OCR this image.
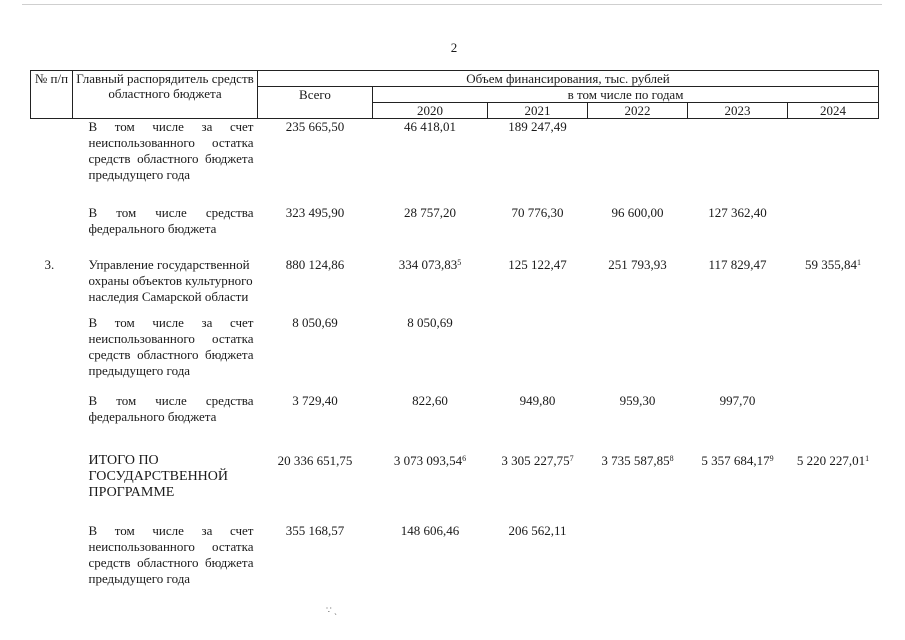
2
№ п/п	Главный распорядитель средств областного бюджета	Объем финансирования, тыс. рублей					
		Всего	в том числе по годам				
			2020	2021	2022	2023	2024
	В том числе за счет неиспользованного остатка средств областного бюджета предыдущего года	235 665,50	46 418,01	189 247,49			
	В том числе средства федерального бюджета	323 495,90	28 757,20	70 776,30	96 600,00	127 362,40	
3.	Управление государственной охраны объектов культурного наследия Самарской области	880 124,86	334 073,83$^5$	125 122,47	251 793,93	117 829,47	59 355,84$^1$
	В том числе за счет неиспользованного остатка средств областного бюджета предыдущего года	8 050,69	8 050,69				
	В том числе средства федерального бюджета	3 729,40	822,60	949,80	959,30	997,70	
	ИТОГО ПО ГОСУДАРСТВЕННОЙ ПРОГРАММЕ	20 336 651,75	3 073 093,54$^6$	3 305 227,75$^7$	3 735 587,85$^8$	5 357 684,17$^9$	5 220 227,01$^1$
	В том числе за счет неиспользованного остатка средств областного бюджета предыдущего года	355 168,57	148 606,46	206 562,11			
∵ ˎ
